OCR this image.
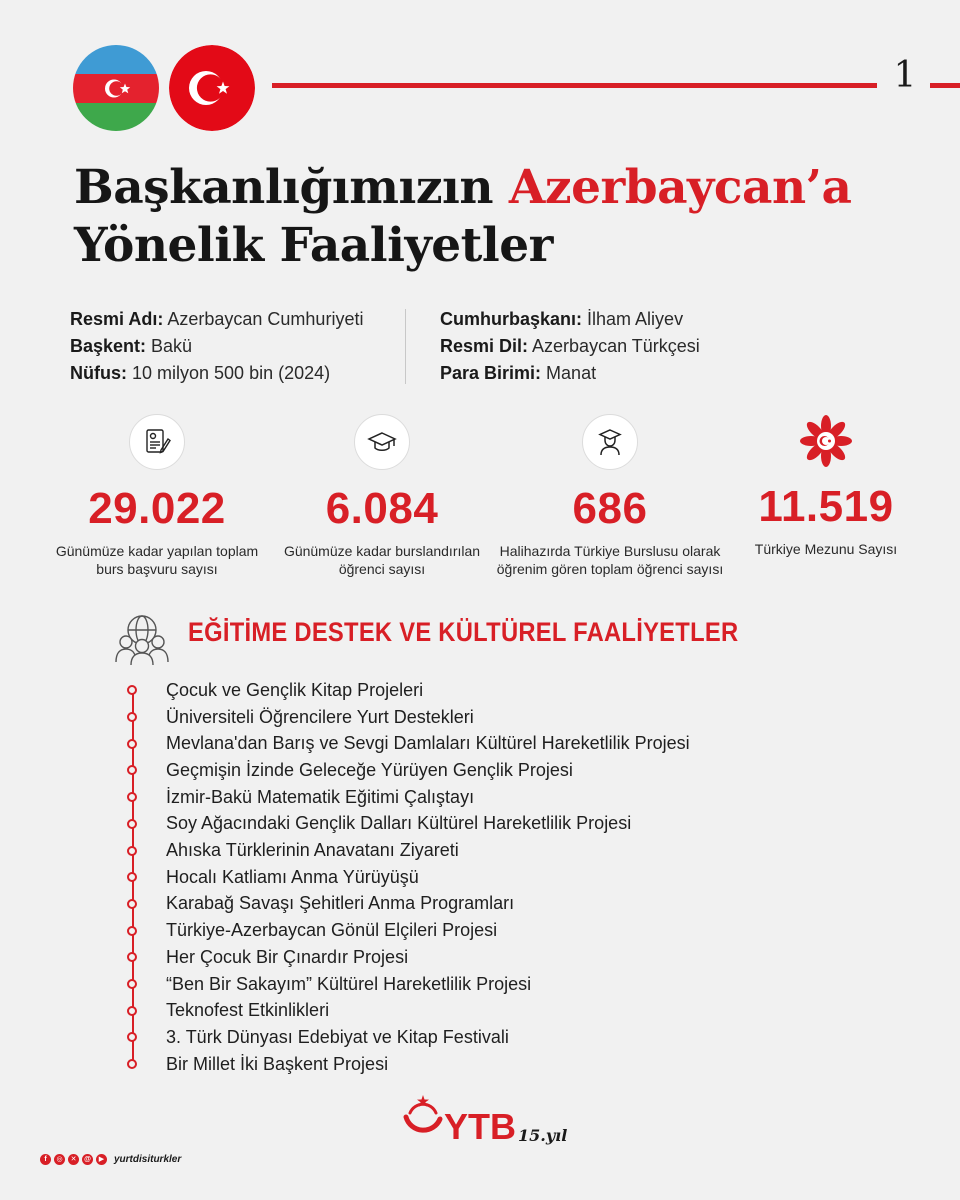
1
Başkanlığımızın Azerbaycan’a
Yönelik Faaliyetler
Resmi Adı: Azerbaycan Cumhuriyeti
Başkent: Bakü
Nüfus: 10 milyon 500 bin (2024)
Cumhurbaşkanı: İlham Aliyev
Resmi Dil: Azerbaycan Türkçesi
Para Birimi: Manat
29.022
Günümüze kadar yapılan toplam burs başvuru sayısı
6.084
Günümüze kadar burslandırılan öğrenci sayısı
686
Halihazırda Türkiye Burslusu olarak öğrenim gören toplam öğrenci sayısı
11.519
Türkiye Mezunu Sayısı
EĞİTİME DESTEK VE KÜLTÜREL FAALİYETLER
Çocuk ve Gençlik Kitap Projeleri
Üniversiteli Öğrencilere Yurt Destekleri
Mevlana'dan Barış ve Sevgi Damlaları Kültürel Hareketlilik Projesi
Geçmişin İzinde Geleceğe Yürüyen Gençlik Projesi
İzmir-Bakü Matematik Eğitimi Çalıştayı
Soy Ağacındaki Gençlik Dalları Kültürel Hareketlilik Projesi
Ahıska Türklerinin Anavatanı Ziyareti
Hocalı Katliamı Anma Yürüyüşü
Karabağ Savaşı Şehitleri Anma Programları
Türkiye-Azerbaycan Gönül Elçileri Projesi
Her Çocuk Bir Çınardır Projesi
“Ben Bir Sakayım” Kültürel Hareketlilik Projesi
Teknofest Etkinlikleri
3. Türk Dünyası Edebiyat ve Kitap Festivali
Bir Millet İki Başkent Projesi
YTB 15.yıl
f	◎	✕	@	▶ yurtdisiturkler
